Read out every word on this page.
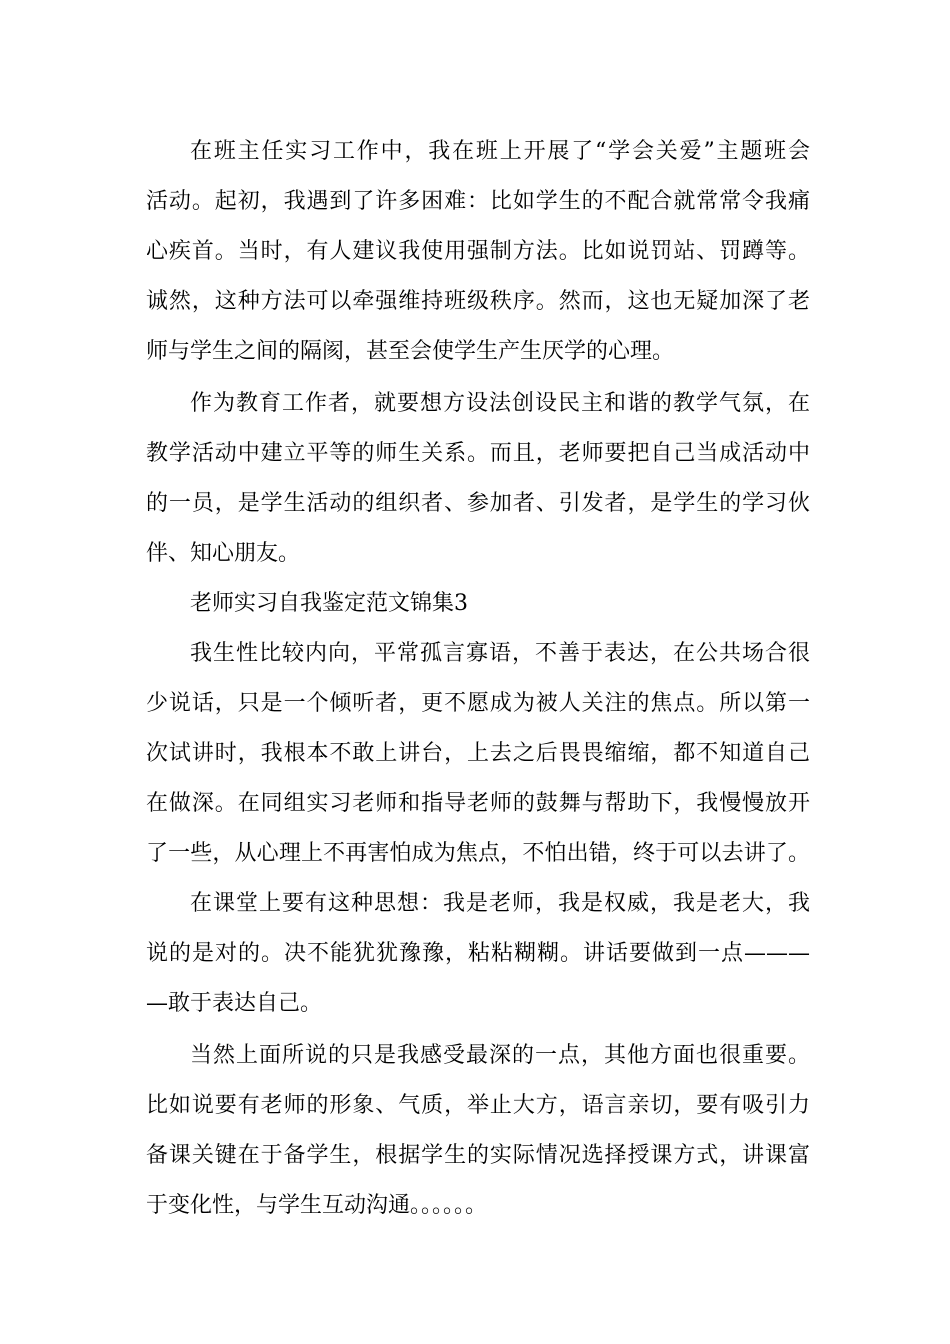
在班主任实习工作中，我在班上开展了“学会关爱”主题班会
活动。起初，我遇到了许多困难：比如学生的不配合就常常令我痛
心疾首。当时，有人建议我使用强制方法。比如说罚站、罚蹲等。
诚然，这种方法可以牵强维持班级秩序。然而，这也无疑加深了老
师与学生之间的隔阂，甚至会使学生产生厌学的心理。
作为教育工作者，就要想方设法创设民主和谐的教学气氛，在
教学活动中建立平等的师生关系。而且，老师要把自己当成活动中
的一员，是学生活动的组织者、参加者、引发者，是学生的学习伙
伴、知心朋友。
老师实习自我鉴定范文锦集3
我生性比较内向，平常孤言寡语，不善于表达，在公共场合很
少说话，只是一个倾听者，更不愿成为被人关注的焦点。所以第一
次试讲时，我根本不敢上讲台，上去之后畏畏缩缩，都不知道自己
在做深。在同组实习老师和指导老师的鼓舞与帮助下，我慢慢放开
了一些，从心理上不再害怕成为焦点，不怕出错，终于可以去讲了。
在课堂上要有这种思想：我是老师，我是权威，我是老大，我
说的是对的。决不能犹犹豫豫，粘粘糊糊。讲话要做到一点———
—敢于表达自己。
当然上面所说的只是我感受最深的一点，其他方面也很重要。
比如说要有老师的形象、气质，举止大方，语言亲切，要有吸引力
备课关键在于备学生，根据学生的实际情况选择授课方式，讲课富
于变化性，与学生互动沟通。。。。。。
